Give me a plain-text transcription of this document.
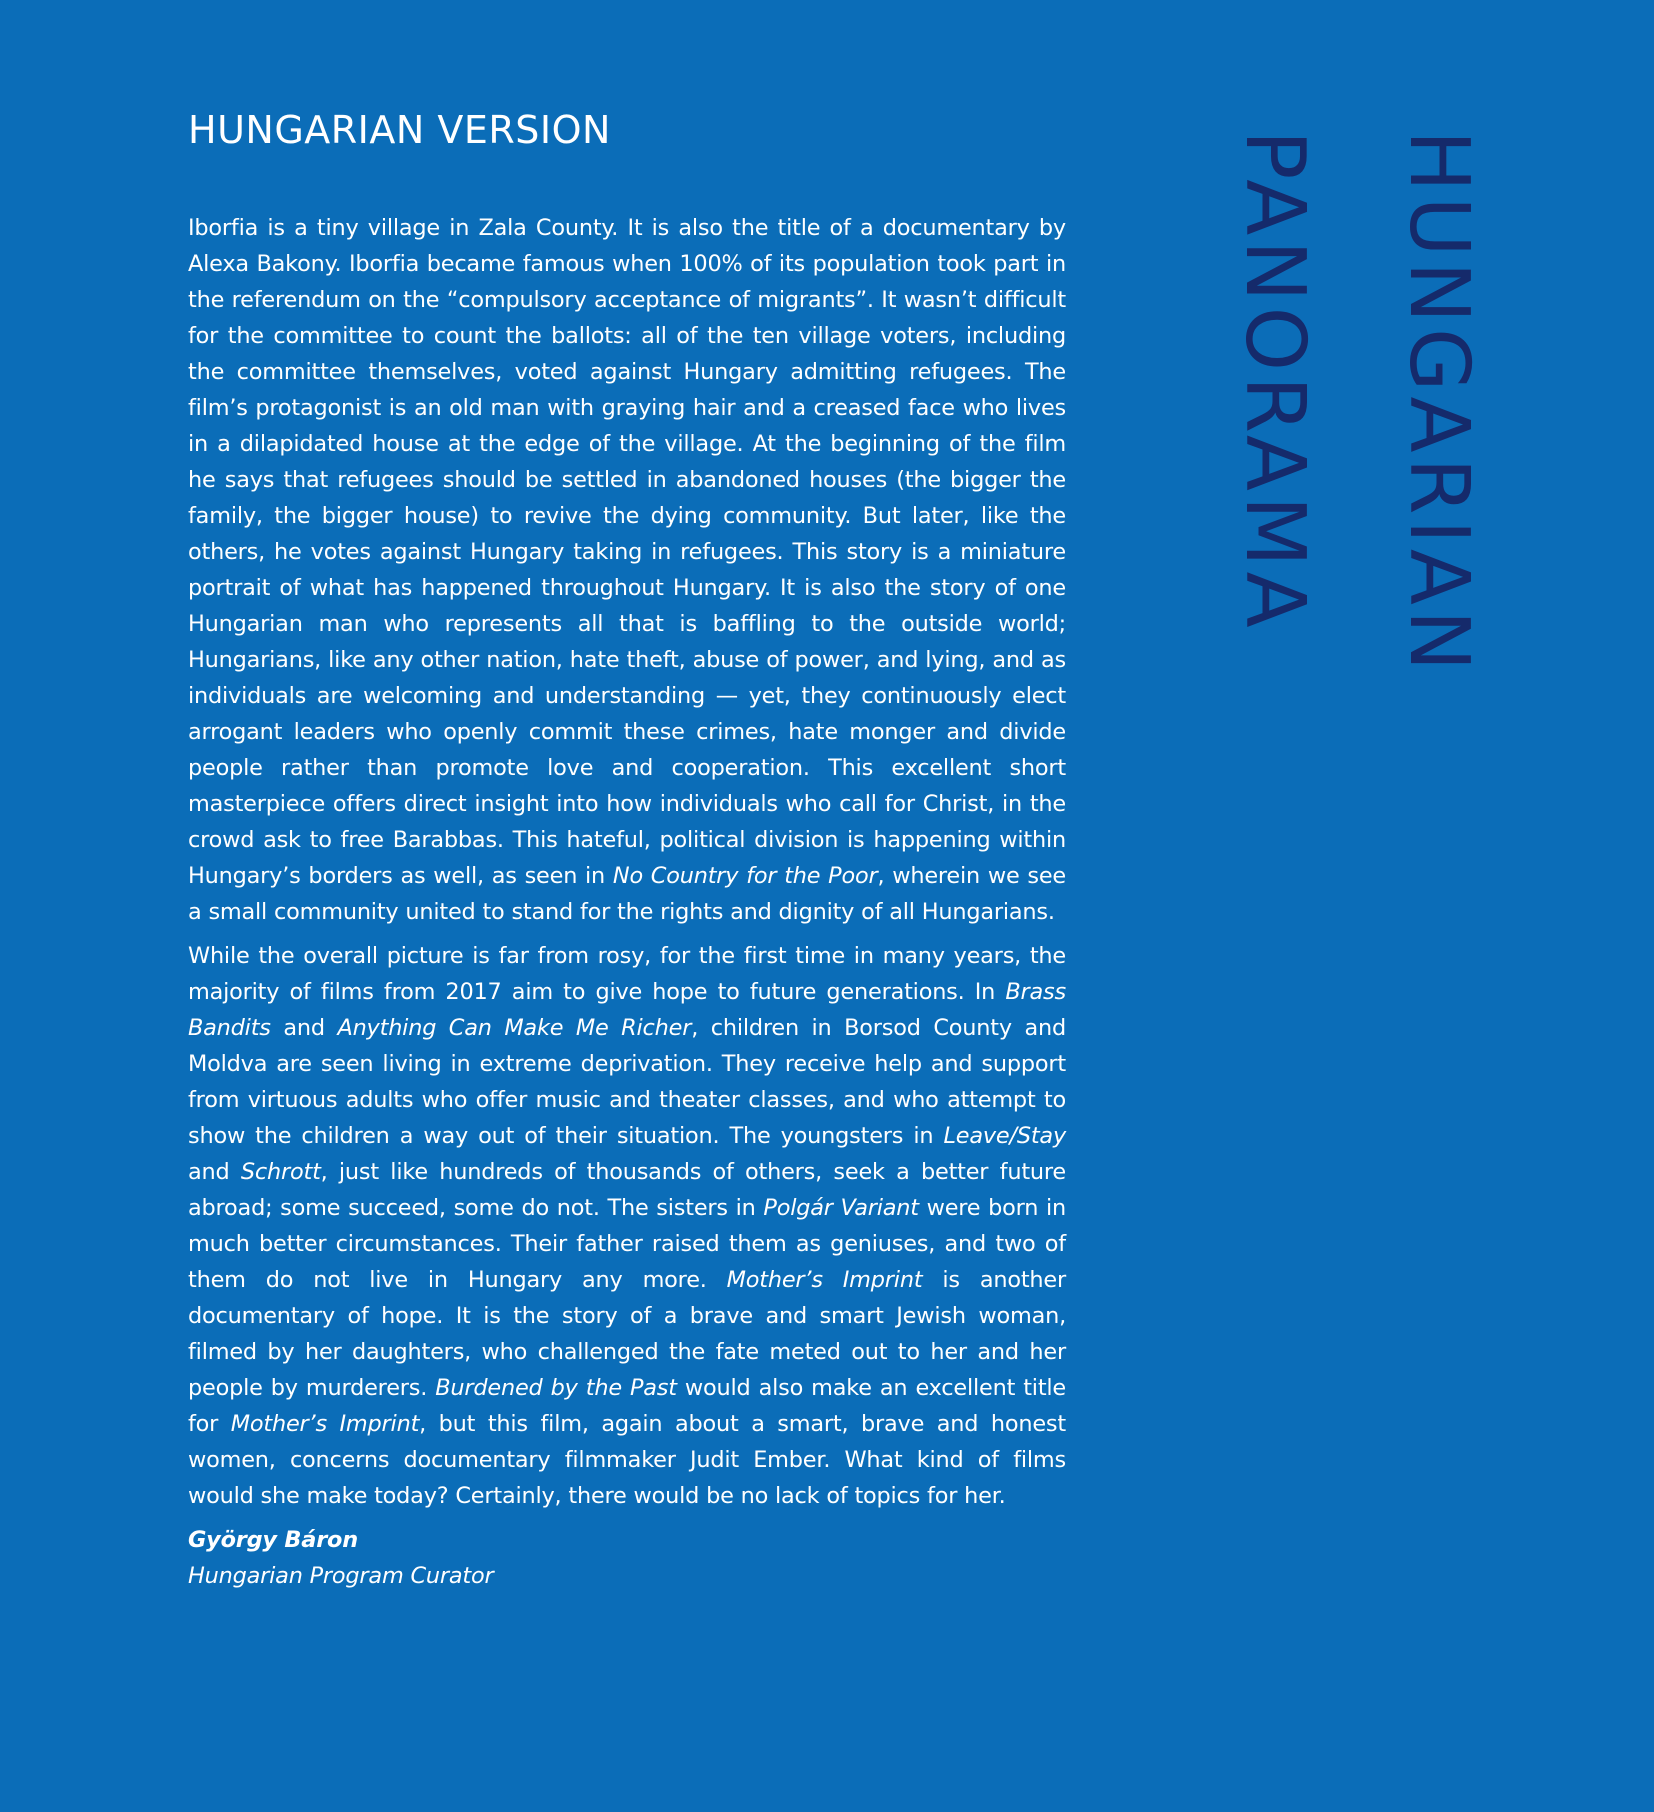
HUNGARIAN VERSION

Iborfia is a tiny village in Zala County. It is also the title of a documentary by Alexa Bakony. Iborfia became famous when 100% of its population took part in the referendum on the “compulsory acceptance of migrants”. It wasn’t difficult for the committee to count the ballots: all of the ten village voters, including the committee themselves, voted against Hungary admitting refugees. The film’s protagonist is an old man with graying hair and a creased face who lives in a dilapidated house at the edge of the village. At the beginning of the film he says that refugees should be settled in abandoned houses (the bigger the family, the bigger house) to revive the dying community. But later, like the others, he votes against Hungary taking in refugees. This story is a miniature portrait of what has happened throughout Hungary. It is also the story of one Hungarian man who represents all that is baffling to the outside world; Hungarians, like any other nation, hate theft, abuse of power, and lying, and as individuals are welcoming and understanding — yet, they continuously elect arrogant leaders who openly commit these crimes, hate monger and divide people rather than promote love and cooperation. This excellent short masterpiece offers direct insight into how individuals who call for Christ, in the crowd ask to free Barabbas. This hateful, political division is happening within Hungary’s borders as well, as seen in No Country for the Poor, wherein we see a small community united to stand for the rights and dignity of all Hungarians.

While the overall picture is far from rosy, for the first time in many years, the majority of films from 2017 aim to give hope to future generations. In Brass Bandits and Anything Can Make Me Richer, children in Borsod County and Moldva are seen living in extreme deprivation. They receive help and support from virtuous adults who offer music and theater classes, and who attempt to show the children a way out of their situation. The youngsters in Leave/Stay and Schrott, just like hundreds of thousands of others, seek a better future abroad; some succeed, some do not. The sisters in Polgár Variant were born in much better circumstances. Their father raised them as geniuses, and two of them do not live in Hungary any more. Mother’s Imprint is another documentary of hope. It is the story of a brave and smart Jewish woman, filmed by her daughters, who challenged the fate meted out to her and her people by murderers. Burdened by the Past would also make an excellent title for Mother’s Imprint, but this film, again about a smart, brave and honest women, concerns documentary filmmaker Judit Ember. What kind of films would she make today? Certainly, there would be no lack of topics for her.

György Báron
Hungarian Program Curator
HUNGARIAN
PANORAMA
